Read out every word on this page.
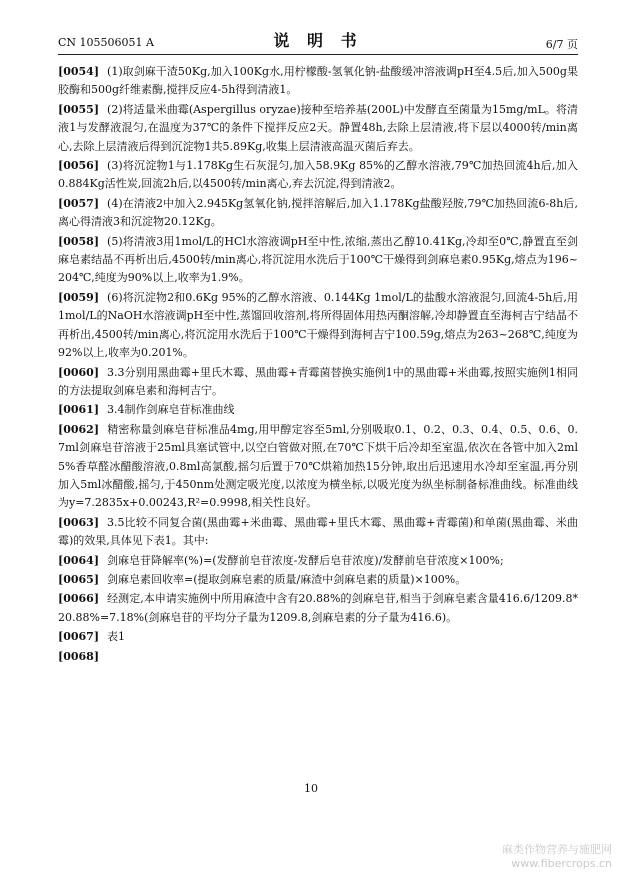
CN 105506051 A	说 明 书	6/7 页

[0054] (1)取剑麻干渣50Kg,加入100Kg水,用柠檬酸-氢氧化钠-盐酸缓冲溶液调pH至4.5后,加入500g果胶酶和500g纤维素酶,搅拌反应4-5h得到清液1。

[0055] (2)将适量米曲霉(Aspergillus oryzae)接种至培养基(200L)中发酵直至菌量为15mg/mL。将清液1与发酵液混匀,在温度为37℃的条件下搅拌反应2天。静置48h,去除上层清液,将下层以4000转/min离心,去除上层清液后得到沉淀物1共5.89Kg,收集上层清液高温灭菌后弃去。

[0056] (3)将沉淀物1与1.178Kg生石灰混匀,加入58.9Kg 85%的乙醇水溶液,79℃加热回流4h后,加入0.884Kg活性炭,回流2h后,以4500转/min离心,弃去沉淀,得到清液2。

[0057] (4)在清液2中加入2.945Kg氢氧化钠,搅拌溶解后,加入1.178Kg盐酸羟胺,79℃加热回流6-8h后,离心得清液3和沉淀物20.12Kg。

[0058] (5)将清液3用1mol/L的HCl水溶液调pH至中性,浓缩,蒸出乙醇10.41Kg,冷却至0℃,静置直至剑麻皂素结晶不再析出后,4500转/min离心,将沉淀用水洗后于100℃干燥得到剑麻皂素0.95Kg,熔点为196~204℃,纯度为90%以上,收率为1.9%。

[0059] (6)将沉淀物2和0.6Kg 95%的乙醇水溶液、0.144Kg 1mol/L的盐酸水溶液混匀,回流4-5h后,用1mol/L的NaOH水溶液调pH至中性,蒸馏回收溶剂,将所得固体用热丙酮溶解,冷却静置直至海柯吉宁结晶不再析出,4500转/min离心,将沉淀用水洗后于100℃干燥得到海柯吉宁100.59g,熔点为263~268℃,纯度为92%以上,收率为0.201%。

[0060] 3.3分别用黑曲霉+里氏木霉、黑曲霉+青霉菌替换实施例1中的黑曲霉+米曲霉,按照实施例1相同的方法提取剑麻皂素和海柯吉宁。

[0061] 3.4制作剑麻皂苷标准曲线

[0062] 精密称量剑麻皂苷标准品4mg,用甲醇定容至5ml,分别吸取0.1、0.2、0.3、0.4、0.5、0.6、0.7ml剑麻皂苷溶液于25ml具塞试管中,以空白管做对照,在70℃下烘干后冷却至室温,依次在各管中加入2ml5%香草醛冰醋酸溶液,0.8ml高氯酸,摇匀后置于70℃烘箱加热15分钟,取出后迅速用水冷却至室温,再分别加入5ml冰醋酸,摇匀,于450nm处测定吸光度,以浓度为横坐标,以吸光度为纵坐标制备标准曲线。标准曲线为y=7.2835x+0.00243,R²=0.9998,相关性良好。

[0063] 3.5比较不同复合菌(黑曲霉+米曲霉、黑曲霉+里氏木霉、黑曲霉+青霉菌)和单菌(黑曲霉、米曲霉)的效果,具体见下表1。其中:

[0064] 剑麻皂苷降解率(%)=(发酵前皂苷浓度-发酵后皂苷浓度)/发酵前皂苷浓度×100%;

[0065] 剑麻皂素回收率=(提取剑麻皂素的质量/麻渣中剑麻皂素的质量)×100%。

[0066] 经测定,本申请实施例中所用麻渣中含有20.88%的剑麻皂苷,相当于剑麻皂素含量416.6/1209.8*20.88%=7.18%(剑麻皂苷的平均分子量为1209.8,剑麻皂素的分子量为416.6)。

[0067] 表1

[0068]

10
麻类作物营养与施肥网
www.fibercrops.cn
